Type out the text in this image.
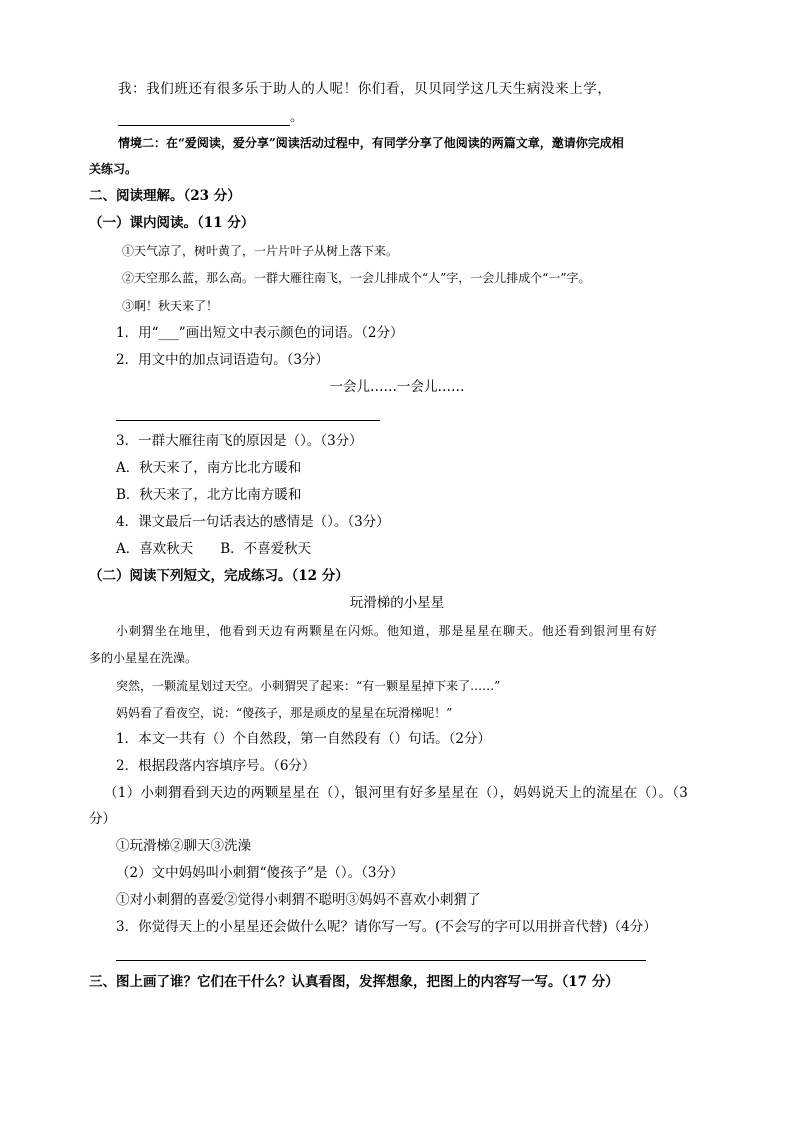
我：我们班还有很多乐于助人的人呢！你们看，贝贝同学这几天生病没来上学，
。
情境二：在“爱阅读，爱分享”阅读活动过程中，有同学分享了他阅读的两篇文章，邀请你完成相
关练习。
二、阅读理解。（23 分）
（一）课内阅读。（11 分）
①天气凉了，树叶黄了，一片片叶子从树上落下来。
②天空那么蓝，那么高。一群大雁往南飞，一会儿排成个“人”字，一会儿排成个“一”字。
③啊！秋天来了！
1．用“___”画出短文中表示颜色的词语。（2分）
2．用文中的加点词语造句。（3分）
一会儿……一会儿……
3．一群大雁往南飞的原因是（）。（3分）
A．秋天来了，南方比北方暖和
B．秋天来了，北方比南方暖和
4．课文最后一句话表达的感情是（）。（3分）
A．喜欢秋天　　B．不喜爱秋天
（二）阅读下列短文，完成练习。（12 分）
玩滑梯的小星星
小刺猬坐在地里，他看到天边有两颗星在闪烁。他知道，那是星星在聊天。他还看到银河里有好
多的小星星在洗澡。
突然，一颗流星划过天空。小刺猬哭了起来：“有一颗星星掉下来了……”
妈妈看了看夜空，说：“傻孩子，那是顽皮的星星在玩滑梯呢！”
1．本文一共有（）个自然段，第一自然段有（）句话。（2分）
2．根据段落内容填序号。（6分）
（1）小刺猬看到天边的两颗星星在（），银河里有好多星星在（），妈妈说天上的流星在（）。（3
分）
①玩滑梯②聊天③洗澡
（2）文中妈妈叫小刺猬“傻孩子”是（）。（3分）
①对小刺猬的喜爱②觉得小刺猬不聪明③妈妈不喜欢小刺猬了
3．你觉得天上的小星星还会做什么呢？请你写一写。(不会写的字可以用拼音代替)（4分）
三、图上画了谁？它们在干什么？认真看图，发挥想象，把图上的内容写一写。（17 分）
